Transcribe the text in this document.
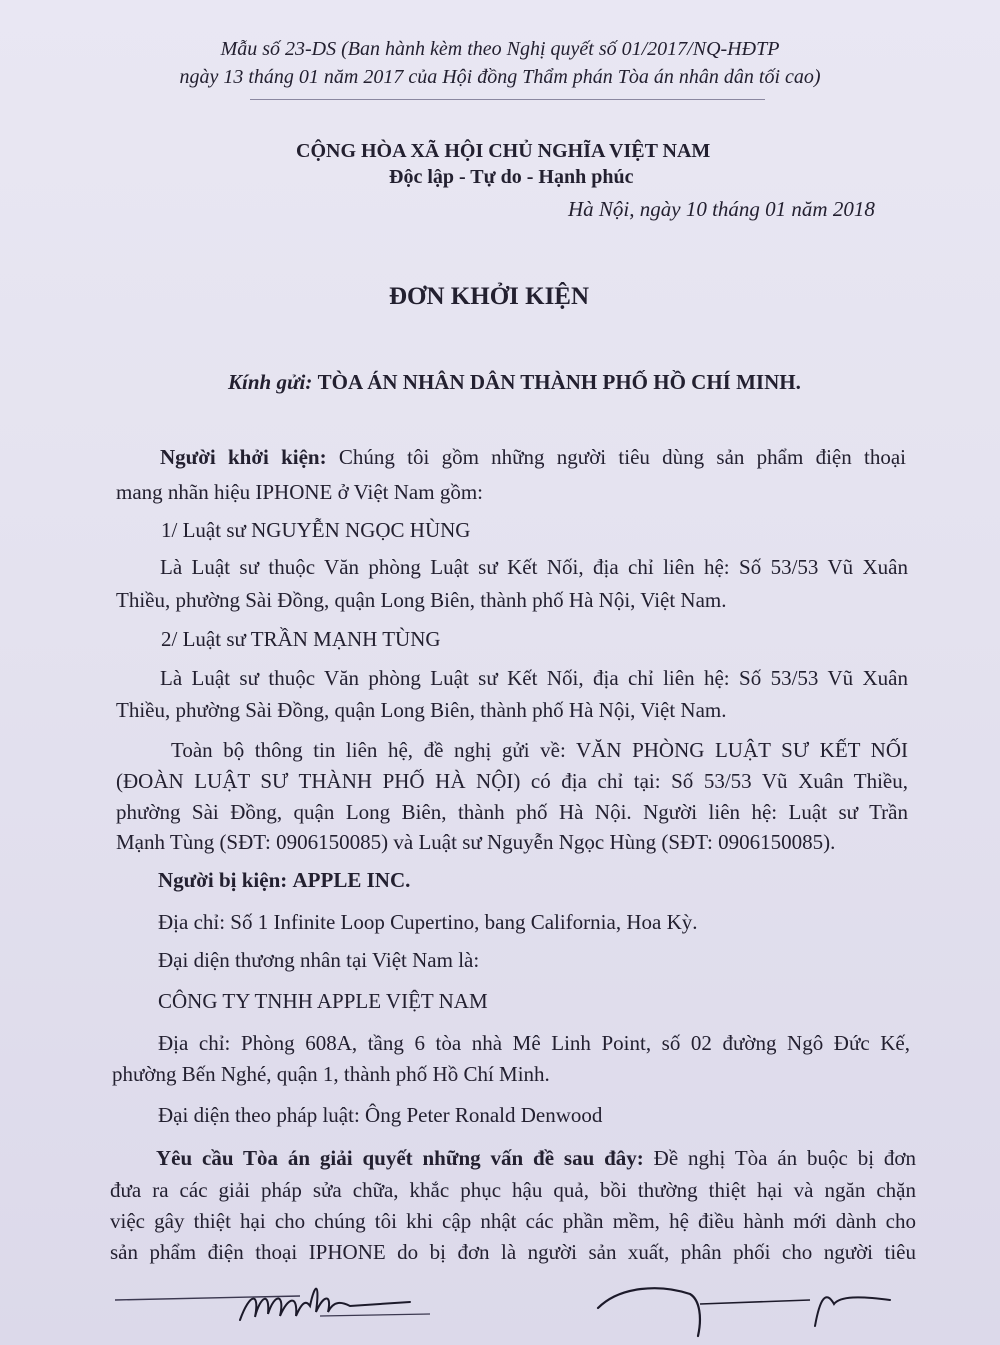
Mẫu số 23-DS (Ban hành kèm theo Nghị quyết số 01/2017/NQ-HĐTP
ngày 13 tháng 01 năm 2017 của Hội đồng Thẩm phán Tòa án nhân dân tối cao)
CỘNG HÒA XÃ HỘI CHỦ NGHĨA VIỆT NAM
Độc lập - Tự do - Hạnh phúc
Hà Nội, ngày 10 tháng 01 năm 2018
ĐƠN KHỞI KIỆN
Kính gửi: TÒA ÁN NHÂN DÂN THÀNH PHỐ HỒ CHÍ MINH.
Người khởi kiện: Chúng tôi gồm những người tiêu dùng sản phẩm điện thoại
mang nhãn hiệu IPHONE ở Việt Nam gồm:
1/ Luật sư NGUYỄN NGỌC HÙNG
Là Luật sư thuộc Văn phòng Luật sư Kết Nối, địa chỉ liên hệ: Số 53/53 Vũ Xuân
Thiều, phường Sài Đồng, quận Long Biên, thành phố Hà Nội, Việt Nam.
2/ Luật sư TRẦN MẠNH TÙNG
Là Luật sư thuộc Văn phòng Luật sư Kết Nối, địa chỉ liên hệ: Số 53/53 Vũ Xuân
Thiều, phường Sài Đồng, quận Long Biên, thành phố Hà Nội, Việt Nam.
Toàn bộ thông tin liên hệ, đề nghị gửi về: VĂN PHÒNG LUẬT SƯ KẾT NỐI
(ĐOÀN LUẬT SƯ THÀNH PHỐ HÀ NỘI) có địa chỉ tại: Số 53/53 Vũ Xuân Thiều,
phường Sài Đồng, quận Long Biên, thành phố Hà Nội. Người liên hệ: Luật sư Trần
Mạnh Tùng (SĐT: 0906150085) và Luật sư Nguyễn Ngọc Hùng (SĐT: 0906150085).
Người bị kiện: APPLE INC.
Địa chỉ: Số 1 Infinite Loop Cupertino, bang California, Hoa Kỳ.
Đại diện thương nhân tại Việt Nam là:
CÔNG TY TNHH APPLE VIỆT NAM
Địa chỉ: Phòng 608A, tầng 6 tòa nhà Mê Linh Point, số 02 đường Ngô Đức Kế,
phường Bến Nghé, quận 1, thành phố Hồ Chí Minh.
Đại diện theo pháp luật: Ông Peter Ronald Denwood
Yêu cầu Tòa án giải quyết những vấn đề sau đây: Đề nghị Tòa án buộc bị đơn
đưa ra các giải pháp sửa chữa, khắc phục hậu quả, bồi thường thiệt hại và ngăn chặn
việc gây thiệt hại cho chúng tôi khi cập nhật các phần mềm, hệ điều hành mới dành cho
sản phẩm điện thoại IPHONE do bị đơn là người sản xuất, phân phối cho người tiêu
